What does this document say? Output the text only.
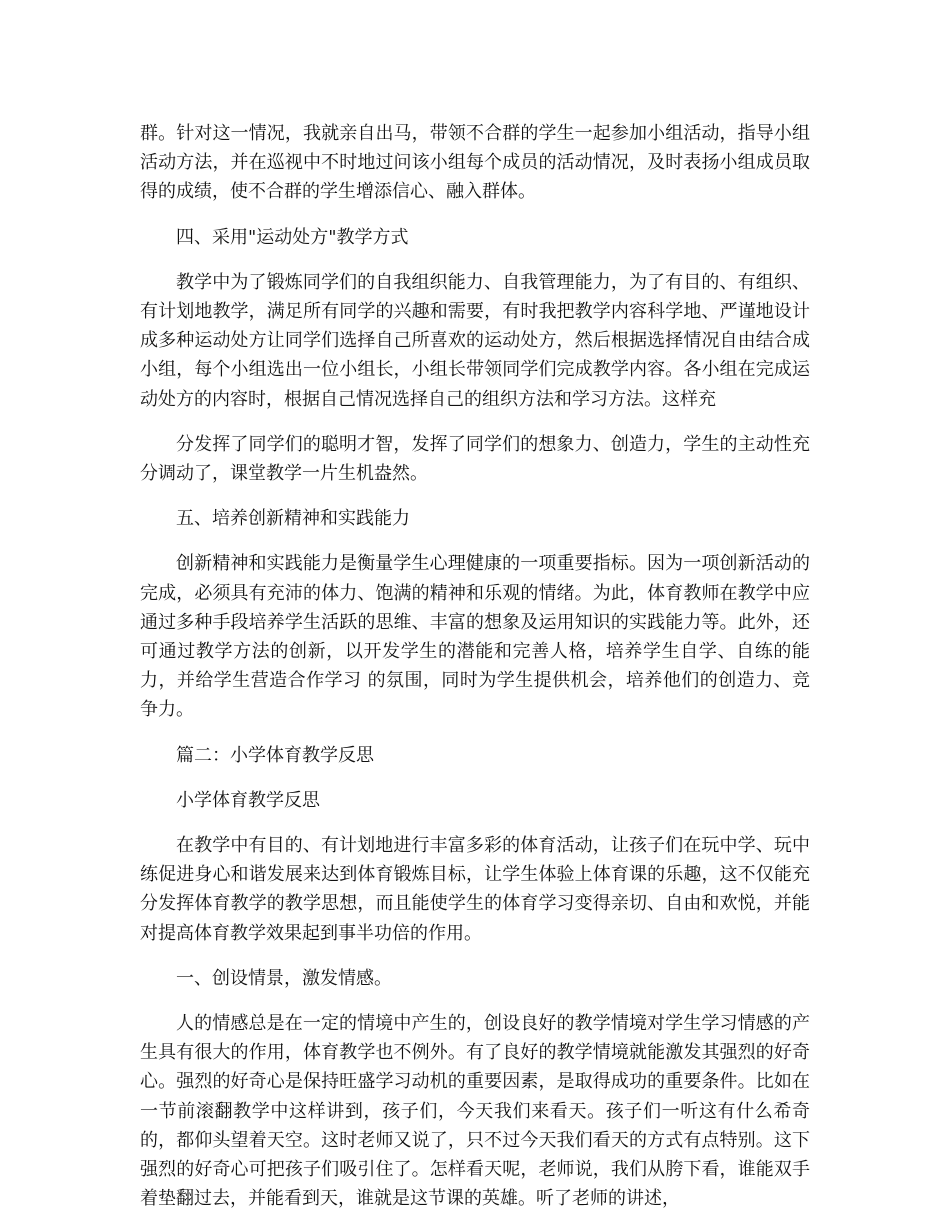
群。针对这一情况，我就亲自出马，带领不合群的学生一起参加小组活动，指导小组活动方法，并在巡视中不时地过问该小组每个成员的活动情况，及时表扬小组成员取得的成绩，使不合群的学生增添信心、融入群体。

四、采用"运动处方"教学方式

教学中为了锻炼同学们的自我组织能力、自我管理能力，为了有目的、有组织、有计划地教学，满足所有同学的兴趣和需要，有时我把教学内容科学地、严谨地设计成多种运动处方让同学们选择自己所喜欢的运动处方，然后根据选择情况自由结合成小组，每个小组选出一位小组长，小组长带领同学们完成教学内容。各小组在完成运动处方的内容时，根据自己情况选择自己的组织方法和学习方法。这样充

分发挥了同学们的聪明才智，发挥了同学们的想象力、创造力，学生的主动性充分调动了，课堂教学一片生机盎然。

五、培养创新精神和实践能力

创新精神和实践能力是衡量学生心理健康的一项重要指标。因为一项创新活动的完成，必须具有充沛的体力、饱满的精神和乐观的情绪。为此，体育教师在教学中应通过多种手段培养学生活跃的思维、丰富的想象及运用知识的实践能力等。此外，还可通过教学方法的创新，以开发学生的潜能和完善人格，培养学生自学、自练的能力，并给学生营造合作学习 的氛围，同时为学生提供机会，培养他们的创造力、竞争力。

篇二：小学体育教学反思

小学体育教学反思

在教学中有目的、有计划地进行丰富多彩的体育活动，让孩子们在玩中学、玩中练促进身心和谐发展来达到体育锻炼目标，让学生体验上体育课的乐趣，这不仅能充分发挥体育教学的教学思想，而且能使学生的体育学习变得亲切、自由和欢悦，并能对提高体育教学效果起到事半功倍的作用。

一、创设情景，激发情感。

人的情感总是在一定的情境中产生的，创设良好的教学情境对学生学习情感的产生具有很大的作用，体育教学也不例外。有了良好的教学情境就能激发其强烈的好奇心。强烈的好奇心是保持旺盛学习动机的重要因素，是取得成功的重要条件。比如在一节前滚翻教学中这样讲到，孩子们，今天我们来看天。孩子们一听这有什么希奇的，都仰头望着天空。这时老师又说了，只不过今天我们看天的方式有点特别。这下强烈的好奇心可把孩子们吸引住了。怎样看天呢，老师说，我们从胯下看，谁能双手着垫翻过去，并能看到天，谁就是这节课的英雄。听了老师的讲述，
